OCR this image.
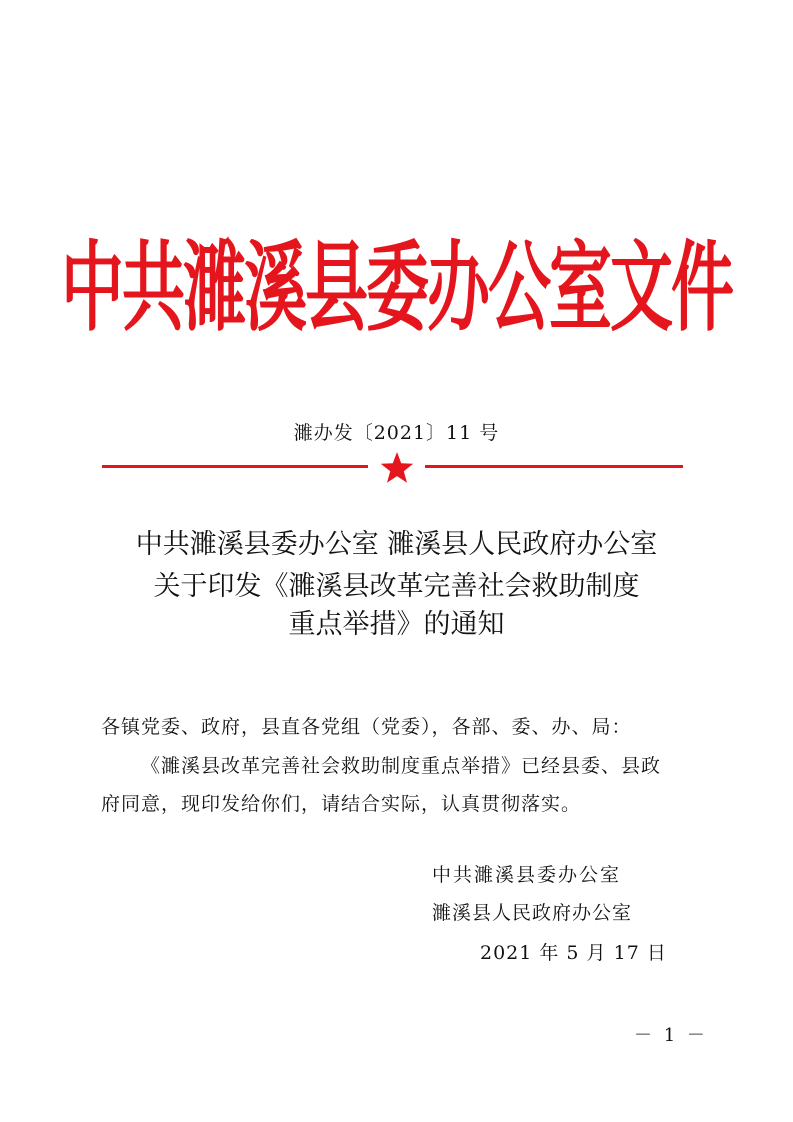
中共濉溪县委办公室文件
濉办发〔2021〕11 号
中共濉溪县委办公室 濉溪县人民政府办公室
关于印发《濉溪县改革完善社会救助制度
重点举措》的通知
各镇党委、政府，县直各党组（党委），各部、委、办、局：
《濉溪县改革完善社会救助制度重点举措》已经县委、县政
府同意，现印发给你们，请结合实际，认真贯彻落实。
中共濉溪县委办公室
濉溪县人民政府办公室
2021 年 5 月 17 日
－ 1 －
